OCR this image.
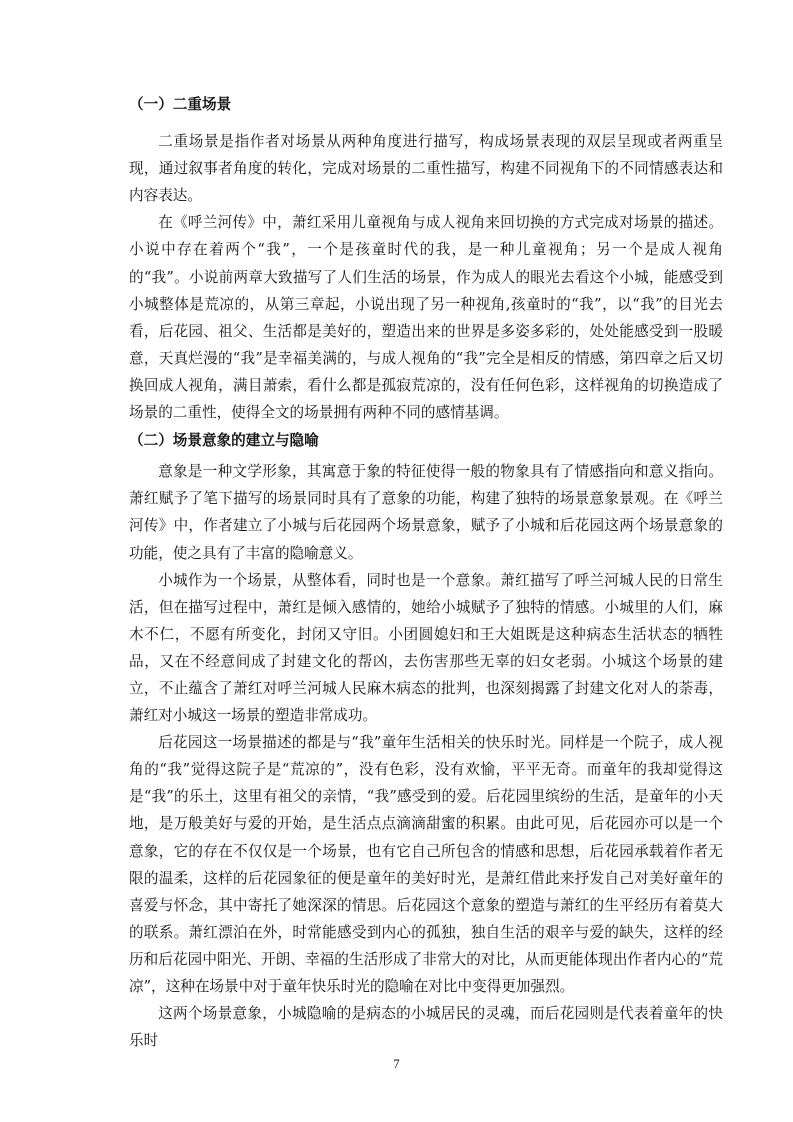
（一）二重场景

二重场景是指作者对场景从两种角度进行描写，构成场景表现的双层呈现或者两重呈现，通过叙事者角度的转化，完成对场景的二重性描写，构建不同视角下的不同情感表达和内容表达。

在《呼兰河传》中，萧红采用儿童视角与成人视角来回切换的方式完成对场景的描述。小说中存在着两个“我”，一个是孩童时代的我，是一种儿童视角；另一个是成人视角的“我”。小说前两章大致描写了人们生活的场景，作为成人的眼光去看这个小城，能感受到小城整体是荒凉的，从第三章起，小说出现了另一种视角,孩童时的“我”，以“我”的目光去看，后花园、祖父、生活都是美好的，塑造出来的世界是多姿多彩的，处处能感受到一股暖意，天真烂漫的“我”是幸福美满的，与成人视角的“我”完全是相反的情感，第四章之后又切换回成人视角，满目萧索，看什么都是孤寂荒凉的，没有任何色彩，这样视角的切换造成了场景的二重性，使得全文的场景拥有两种不同的感情基调。

（二）场景意象的建立与隐喻

意象是一种文学形象，其寓意于象的特征使得一般的物象具有了情感指向和意义指向。萧红赋予了笔下描写的场景同时具有了意象的功能，构建了独特的场景意象景观。在《呼兰河传》中，作者建立了小城与后花园两个场景意象，赋予了小城和后花园这两个场景意象的功能，使之具有了丰富的隐喻意义。

小城作为一个场景，从整体看，同时也是一个意象。萧红描写了呼兰河城人民的日常生活，但在描写过程中，萧红是倾入感情的，她给小城赋予了独特的情感。小城里的人们，麻木不仁，不愿有所变化，封闭又守旧。小团圆媳妇和王大姐既是这种病态生活状态的牺牲品，又在不经意间成了封建文化的帮凶，去伤害那些无辜的妇女老弱。小城这个场景的建立，不止蕴含了萧红对呼兰河城人民麻木病态的批判，也深刻揭露了封建文化对人的荼毒，萧红对小城这一场景的塑造非常成功。

后花园这一场景描述的都是与“我”童年生活相关的快乐时光。同样是一个院子，成人视角的“我”觉得这院子是“荒凉的”，没有色彩，没有欢愉，平平无奇。而童年的我却觉得这是“我”的乐土，这里有祖父的亲情，“我”感受到的爱。后花园里缤纷的生活，是童年的小天地，是万般美好与爱的开始，是生活点点滴滴甜蜜的积累。由此可见，后花园亦可以是一个意象，它的存在不仅仅是一个场景，也有它自己所包含的情感和思想，后花园承载着作者无限的温柔，这样的后花园象征的便是童年的美好时光，是萧红借此来抒发自己对美好童年的喜爱与怀念，其中寄托了她深深的情思。后花园这个意象的塑造与萧红的生平经历有着莫大的联系。萧红漂泊在外，时常能感受到内心的孤独，独自生活的艰辛与爱的缺失，这样的经历和后花园中阳光、开朗、幸福的生活形成了非常大的对比，从而更能体现出作者内心的“荒凉”，这种在场景中对于童年快乐时光的隐喻在对比中变得更加强烈。

这两个场景意象，小城隐喻的是病态的小城居民的灵魂，而后花园则是代表着童年的快乐时

7
